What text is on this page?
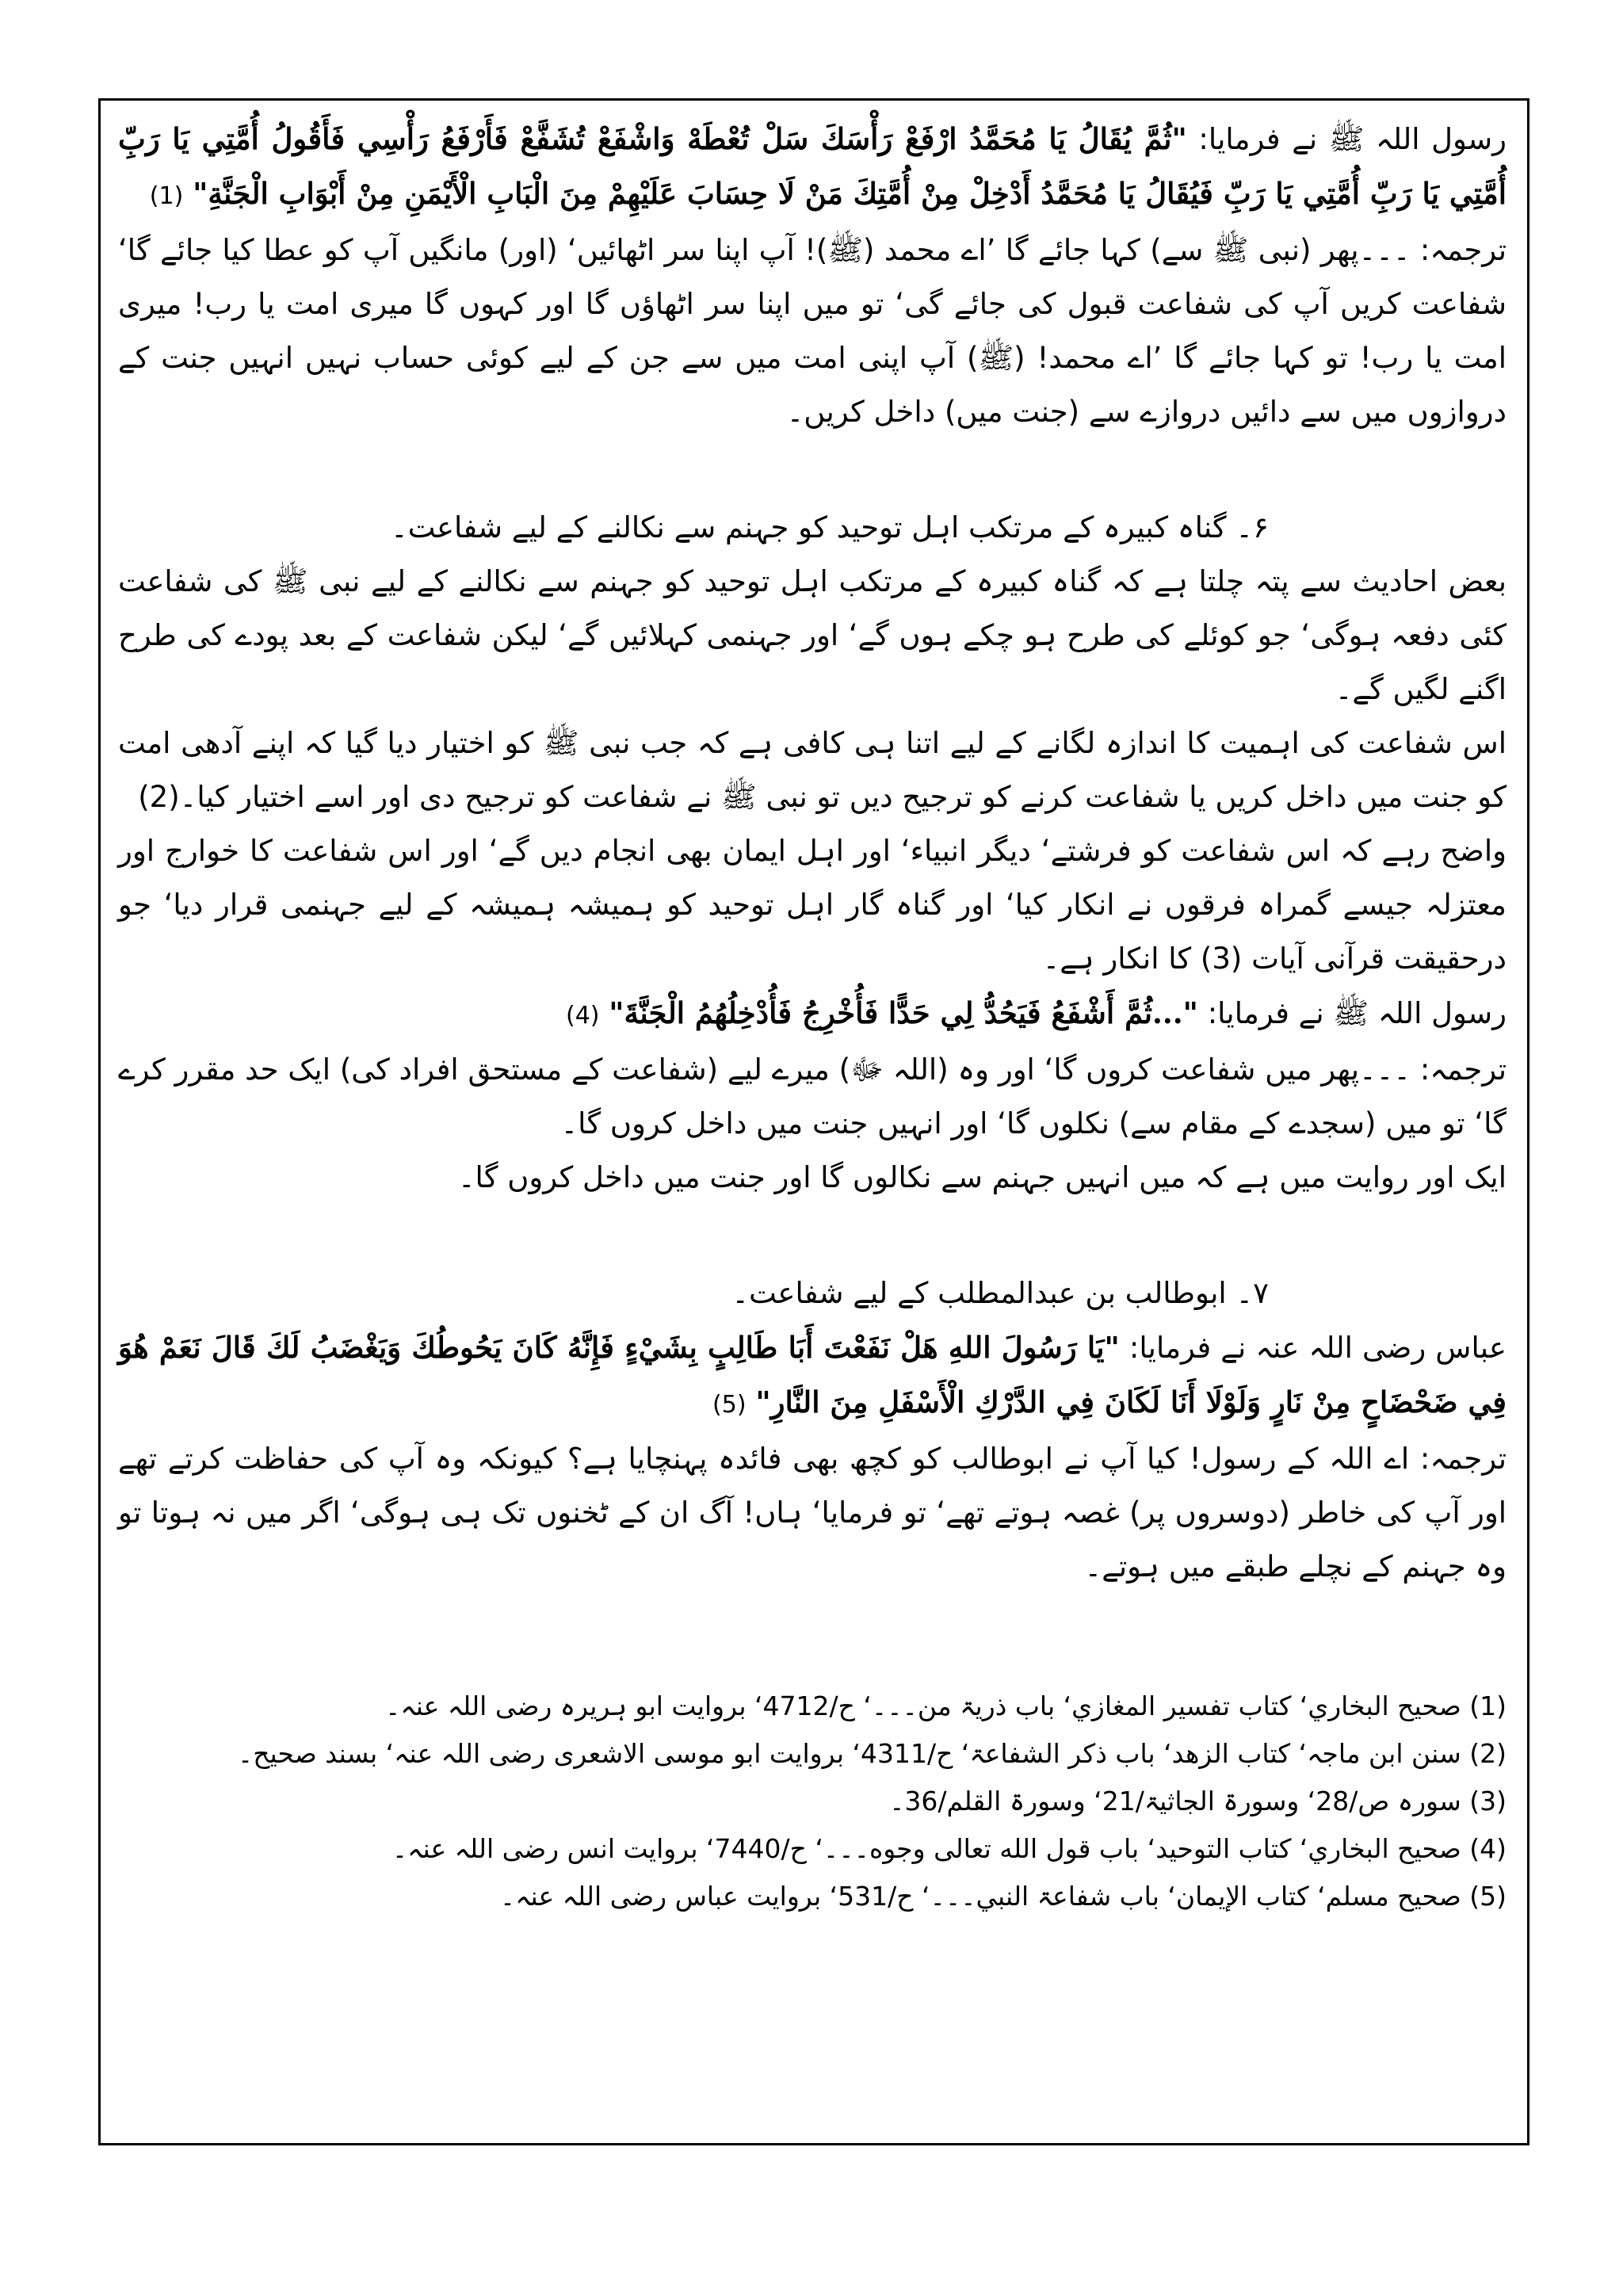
رسول اللہ ﷺ نے فرمایا: "ثُمَّ يُقَالُ يَا مُحَمَّدُ ارْفَعْ رَأْسَكَ سَلْ تُعْطَهْ وَاشْفَعْ تُشَفَّعْ فَأَرْفَعُ رَأْسِي فَأَقُولُ أُمَّتِي يَا رَبِّ أُمَّتِي يَا رَبِّ أُمَّتِي يَا رَبِّ فَيُقَالُ يَا مُحَمَّدُ أَدْخِلْ مِنْ أُمَّتِكَ مَنْ لَا حِسَابَ عَلَيْهِمْ مِنَ الْبَابِ الْأَيْمَنِ مِنْ أَبْوَابِ الْجَنَّةِ" (1)

ترجمہ: ۔۔۔پھر (نبی ﷺ سے) کہا جائے گا ’اے محمد (ﷺ)! آپ اپنا سر اٹھائیں‘ (اور) مانگیں آپ کو عطا کیا جائے گا‘ شفاعت کریں آپ کی شفاعت قبول کی جائے گی‘ تو میں اپنا سر اٹھاؤں گا اور کہوں گا میری امت یا رب! میری امت یا رب! تو کہا جائے گا ’اے محمد! (ﷺ) آپ اپنی امت میں سے جن کے لیے کوئی حساب نہیں انہیں جنت کے دروازوں میں سے دائیں دروازے سے (جنت میں) داخل کریں۔

۶۔ گناہ کبیرہ کے مرتکب اہل توحید کو جہنم سے نکالنے کے لیے شفاعت۔

بعض احادیث سے پتہ چلتا ہے کہ گناہ کبیرہ کے مرتکب اہل توحید کو جہنم سے نکالنے کے لیے نبی ﷺ کی شفاعت کئی دفعہ ہوگی‘ جو کوئلے کی طرح ہو چکے ہوں گے‘ اور جہنمی کہلائیں گے‘ لیکن شفاعت کے بعد پودے کی طرح اگنے لگیں گے۔

اس شفاعت کی اہمیت کا اندازہ لگانے کے لیے اتنا ہی کافی ہے کہ جب نبی ﷺ کو اختیار دیا گیا کہ اپنے آدھی امت کو جنت میں داخل کریں یا شفاعت کرنے کو ترجیح دیں تو نبی ﷺ نے شفاعت کو ترجیح دی اور اسے اختیار کیا۔(2)

واضح رہے کہ اس شفاعت کو فرشتے‘ دیگر انبیاء‘ اور اہل ایمان بھی انجام دیں گے‘ اور اس شفاعت کا خوارج اور معتزلہ جیسے گمراہ فرقوں نے انکار کیا‘ اور گناہ گار اہل توحید کو ہمیشہ ہمیشہ کے لیے جہنمی قرار دیا‘ جو درحقیقت قرآنی آیات (3) کا انکار ہے۔

رسول اللہ ﷺ نے فرمایا: "...ثُمَّ أَشْفَعُ فَيَحُدُّ لِي حَدًّا فَأُخْرِجُ فَأُدْخِلُهُمُ الْجَنَّةَ" (4)

ترجمہ: ۔۔۔پھر میں شفاعت کروں گا‘ اور وہ (اللہ ﷻ) میرے لیے (شفاعت کے مستحق افراد کی) ایک حد مقرر کرے گا‘ تو میں (سجدے کے مقام سے) نکلوں گا‘ اور انہیں جنت میں داخل کروں گا۔

ایک اور روایت میں ہے کہ میں انہیں جہنم سے نکالوں گا اور جنت میں داخل کروں گا۔

۷۔ ابوطالب بن عبدالمطلب کے لیے شفاعت۔

عباس رضی اللہ عنہ نے فرمایا: "يَا رَسُولَ اللهِ هَلْ نَفَعْتَ أَبَا طَالِبٍ بِشَيْءٍ فَإِنَّهُ كَانَ يَحُوطُكَ وَيَغْضَبُ لَكَ قَالَ نَعَمْ هُوَ فِي ضَحْضَاحٍ مِنْ نَارٍ وَلَوْلَا أَنَا لَكَانَ فِي الدَّرْكِ الْأَسْفَلِ مِنَ النَّارِ" (5)

ترجمہ: اے اللہ کے رسول! کیا آپ نے ابوطالب کو کچھ بھی فائدہ پہنچایا ہے؟ کیونکہ وہ آپ کی حفاظت کرتے تھے اور آپ کی خاطر (دوسروں پر) غصہ ہوتے تھے‘ تو فرمایا‘ ہاں! آگ ان کے ٹخنوں تک ہی ہوگی‘ اگر میں نہ ہوتا تو وہ جہنم کے نچلے طبقے میں ہوتے۔

(1) صحیح البخاري‘ کتاب تفسیر المغازي‘ باب ذریۃ من۔۔۔‘ ح/4712‘ بروایت ابو ہریرہ رضی اللہ عنہ۔
(2) سنن ابن ماجہ‘ کتاب الزهد‘ باب ذکر الشفاعۃ‘ ح/4311‘ بروایت ابو موسی الاشعری رضی اللہ عنہ‘ بسند صحیح۔
(3) سورہ ص/28‘ وسورۃ الجاثیۃ/21‘ وسورۃ القلم/36۔
(4) صحیح البخاري‘ کتاب التوحید‘ باب قول الله تعالى وجوه۔۔۔‘ ح/7440‘ بروایت انس رضی اللہ عنہ۔
(5) صحیح مسلم‘ کتاب الإیمان‘ باب شفاعۃ النبي۔۔۔‘ ح/531‘ بروایت عباس رضی اللہ عنہ۔
